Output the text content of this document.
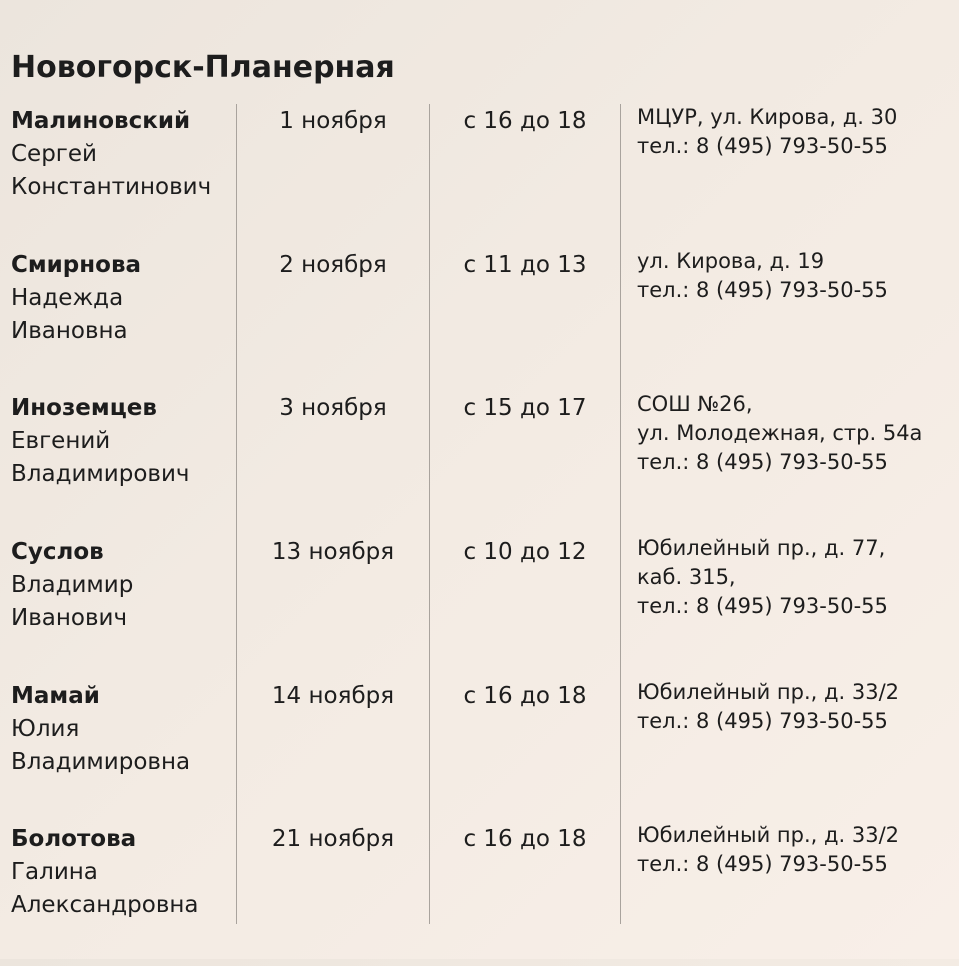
Новогорск-Планерная
Малиновский
Сергей
Константинович
1 ноября	с 16 до 18	МЦУР, ул. Кирова, д. 30
тел.: 8 (495) 793-50-55
Смирнова
Надежда
Ивановна
2 ноября	с 11 до 13	ул. Кирова, д. 19
тел.: 8 (495) 793-50-55
Иноземцев
Евгений
Владимирович
3 ноября	с 15 до 17	СОШ №26,
ул. Молодежная, стр. 54а
тел.: 8 (495) 793-50-55
Суслов
Владимир
Иванович
13 ноября	с 10 до 12	Юбилейный пр., д. 77,
каб. 315,
тел.: 8 (495) 793-50-55
Мамай
Юлия
Владимировна
14 ноября	с 16 до 18	Юбилейный пр., д. 33/2
тел.: 8 (495) 793-50-55
Болотова
Галина
Александровна
21 ноября	с 16 до 18	Юбилейный пр., д. 33/2
тел.: 8 (495) 793-50-55
